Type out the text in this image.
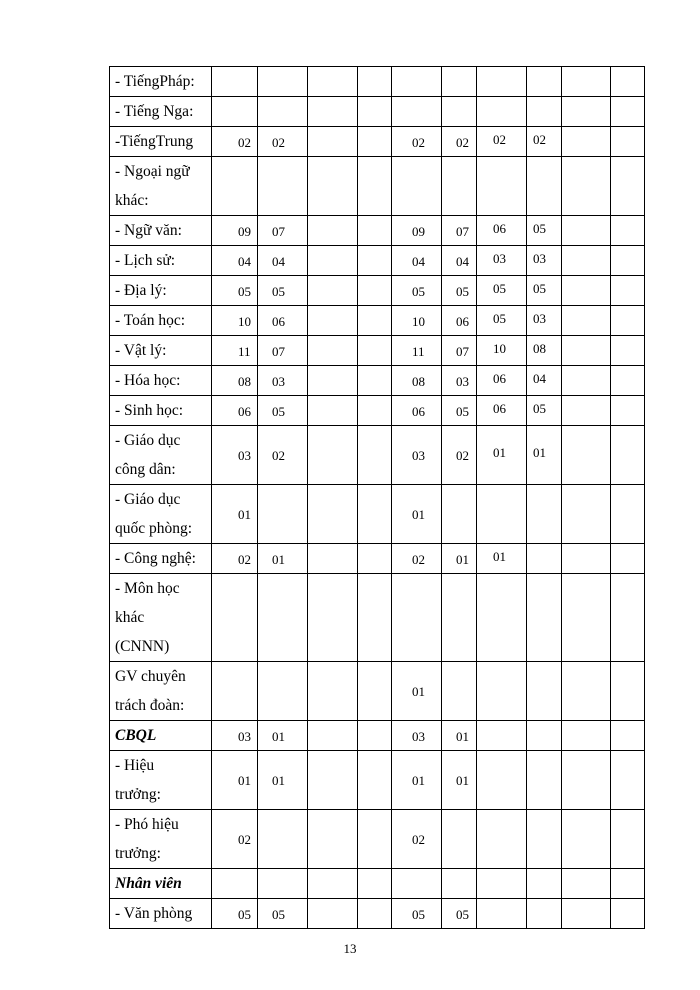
- TiếngPháp:										

- Tiếng Nga:										

-TiếngTrung	02	02			02	02	02	02		

- Ngoại ngữ
khác:										

- Ngữ văn:	09	07			09	07	06	05		

- Lịch sử:	04	04			04	04	03	03		

- Địa lý:	05	05			05	05	05	05		

- Toán học:	10	06			10	06	05	03		

- Vật lý:	11	07			11	07	10	08		

- Hóa học:	08	03			08	03	06	04		

- Sinh học:	06	05			06	05	06	05		

- Giáo dục
công dân:	03	02			03	02	01	01		

- Giáo dục
quốc phòng:	01				01					

- Công nghệ:	02	01			02	01	01			

- Môn học
khác
(CNNN)										

GV chuyên
trách đoàn:					01					

CBQL	03	01			03	01				

- Hiệu
trưởng:	01	01			01	01				

- Phó hiệu
trưởng:	02				02					

Nhân viên										

- Văn phòng	05	05			05	05				

13
